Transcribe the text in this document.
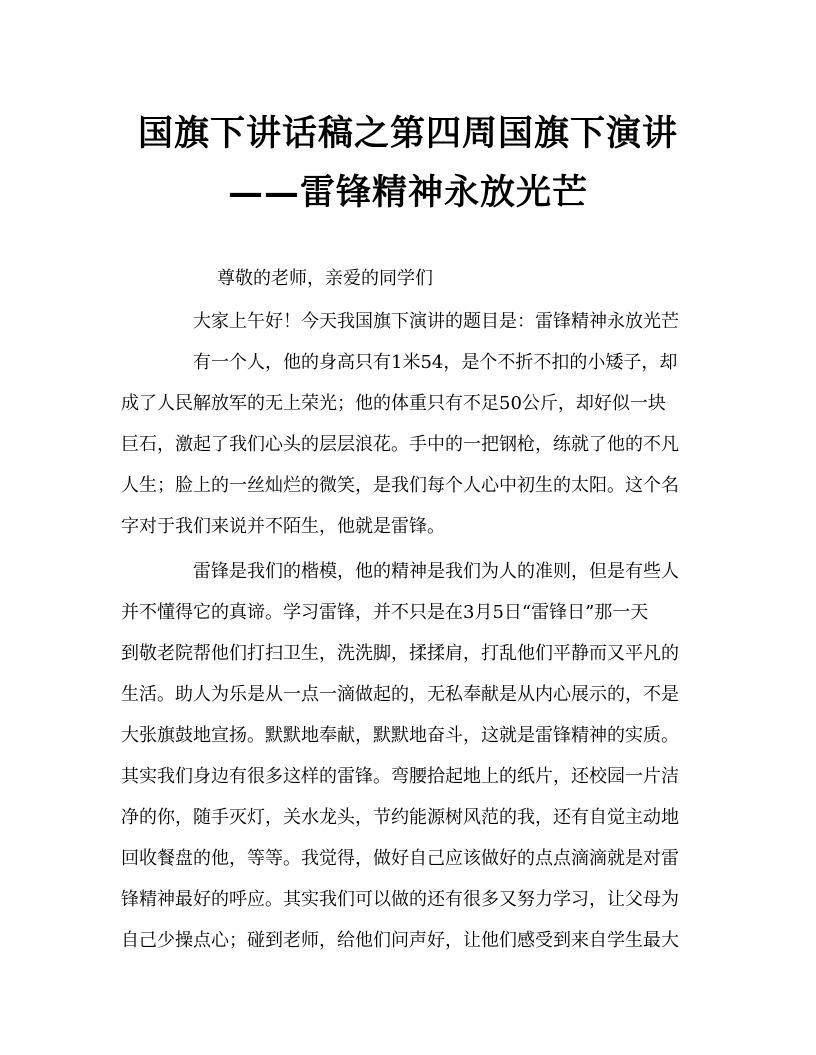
国旗下讲话稿之第四周国旗下演讲
——雷锋精神永放光芒
尊敬的老师，亲爱的同学们
大家上午好！今天我国旗下演讲的题目是：雷锋精神永放光芒
有一个人，他的身高只有1米54，是个不折不扣的小矮子，却
成了人民解放军的无上荣光；他的体重只有不足50公斤，却好似一块
巨石，激起了我们心头的层层浪花。手中的一把钢枪，练就了他的不凡
人生；脸上的一丝灿烂的微笑，是我们每个人心中初生的太阳。这个名
字对于我们来说并不陌生，他就是雷锋。
雷锋是我们的楷模，他的精神是我们为人的准则，但是有些人
并不懂得它的真谛。学习雷锋，并不只是在3月5日“雷锋日”那一天
到敬老院帮他们打扫卫生，洗洗脚，揉揉肩，打乱他们平静而又平凡的
生活。助人为乐是从一点一滴做起的，无私奉献是从内心展示的，不是
大张旗鼓地宣扬。默默地奉献，默默地奋斗，这就是雷锋精神的实质。
其实我们身边有很多这样的雷锋。弯腰拾起地上的纸片，还校园一片洁
净的你，随手灭灯，关水龙头，节约能源树风范的我，还有自觉主动地
回收餐盘的他，等等。我觉得，做好自己应该做好的点点滴滴就是对雷
锋精神最好的呼应。其实我们可以做的还有很多又努力学习，让父母为
自己少操点心；碰到老师，给他们问声好，让他们感受到来自学生最大
